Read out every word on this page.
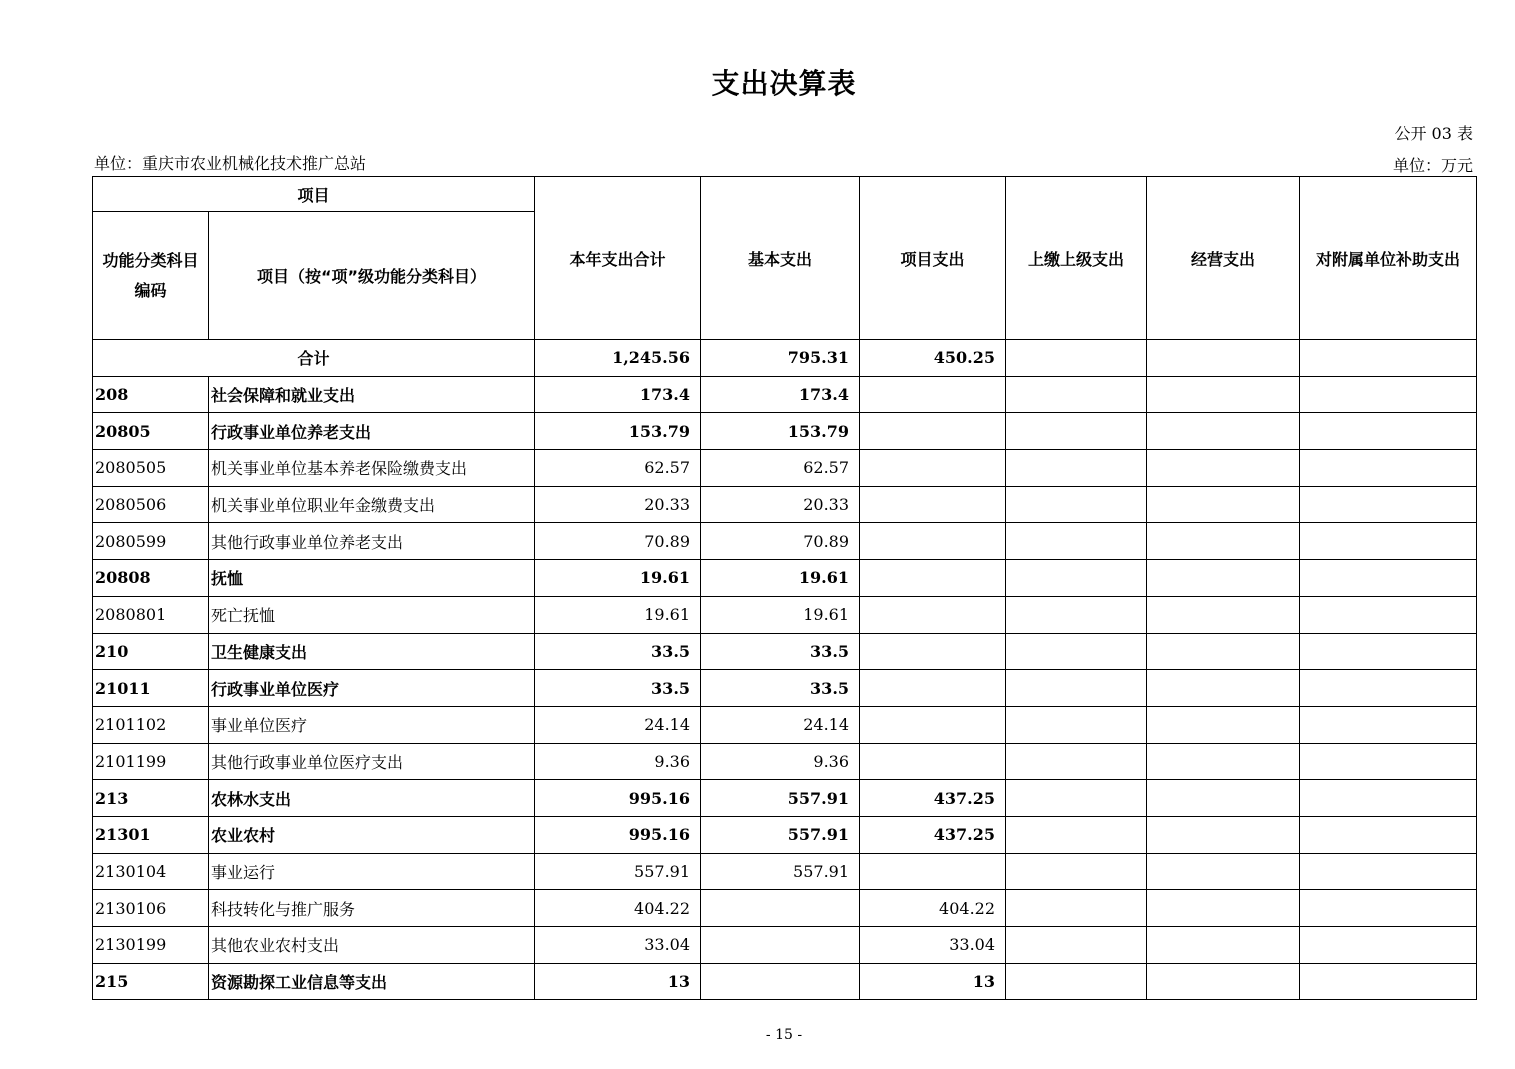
支出决算表
公开 03 表
单位：重庆市农业机械化技术推广总站	单位：万元
项目		本年支出合计	基本支出	项目支出	上缴上级支出	经营支出	对附属单位补助支出
功能分类科目编码	项目（按“项”级功能分类科目）						
合计		1,245.56	795.31	450.25			
208	社会保障和就业支出	173.4	173.4				
20805	行政事业单位养老支出	153.79	153.79				
2080505	机关事业单位基本养老保险缴费支出	62.57	62.57				
2080506	机关事业单位职业年金缴费支出	20.33	20.33				
2080599	其他行政事业单位养老支出	70.89	70.89				
20808	抚恤	19.61	19.61				
2080801	死亡抚恤	19.61	19.61				
210	卫生健康支出	33.5	33.5				
21011	行政事业单位医疗	33.5	33.5				
2101102	事业单位医疗	24.14	24.14				
2101199	其他行政事业单位医疗支出	9.36	9.36				
213	农林水支出	995.16	557.91	437.25			
21301	农业农村	995.16	557.91	437.25			
2130104	事业运行	557.91	557.91				
2130106	科技转化与推广服务	404.22		404.22			
2130199	其他农业农村支出	33.04		33.04			
215	资源勘探工业信息等支出	13		13			
- 15 -
